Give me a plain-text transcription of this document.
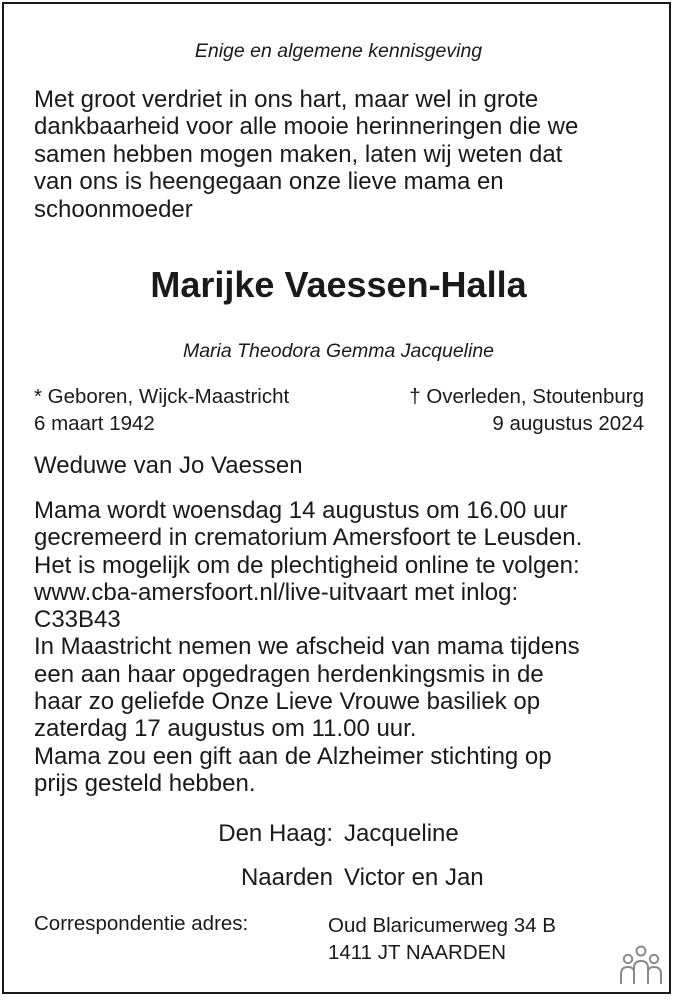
Enige en algemene kennisgeving
Met groot verdriet in ons hart, maar wel in grote
dankbaarheid voor alle mooie herinneringen die we
samen hebben mogen maken, laten wij weten dat
van ons is heengegaan onze lieve mama en
schoonmoeder
Marijke Vaessen-Halla
Maria Theodora Gemma Jacqueline
* Geboren, Wijck-Maastricht
6 maart 1942
† Overleden, Stoutenburg
9 augustus 2024
Weduwe van Jo Vaessen
Mama wordt woensdag 14 augustus om 16.00 uur
gecremeerd in crematorium Amersfoort te Leusden.
Het is mogelijk om de plechtigheid online te volgen:
www.cba-amersfoort.nl/live-uitvaart met inlog:
C33B43
In Maastricht nemen we afscheid van mama tijdens
een aan haar opgedragen herdenkingsmis in de
haar zo geliefde Onze Lieve Vrouwe basiliek op
zaterdag 17 augustus om 11.00 uur.
Mama zou een gift aan de Alzheimer stichting op
prijs gesteld hebben.
Den Haag: Jacqueline
Naarden Victor en Jan
Correspondentie adres:	Oud Blaricumerweg 34 B
1411 JT NAARDEN
